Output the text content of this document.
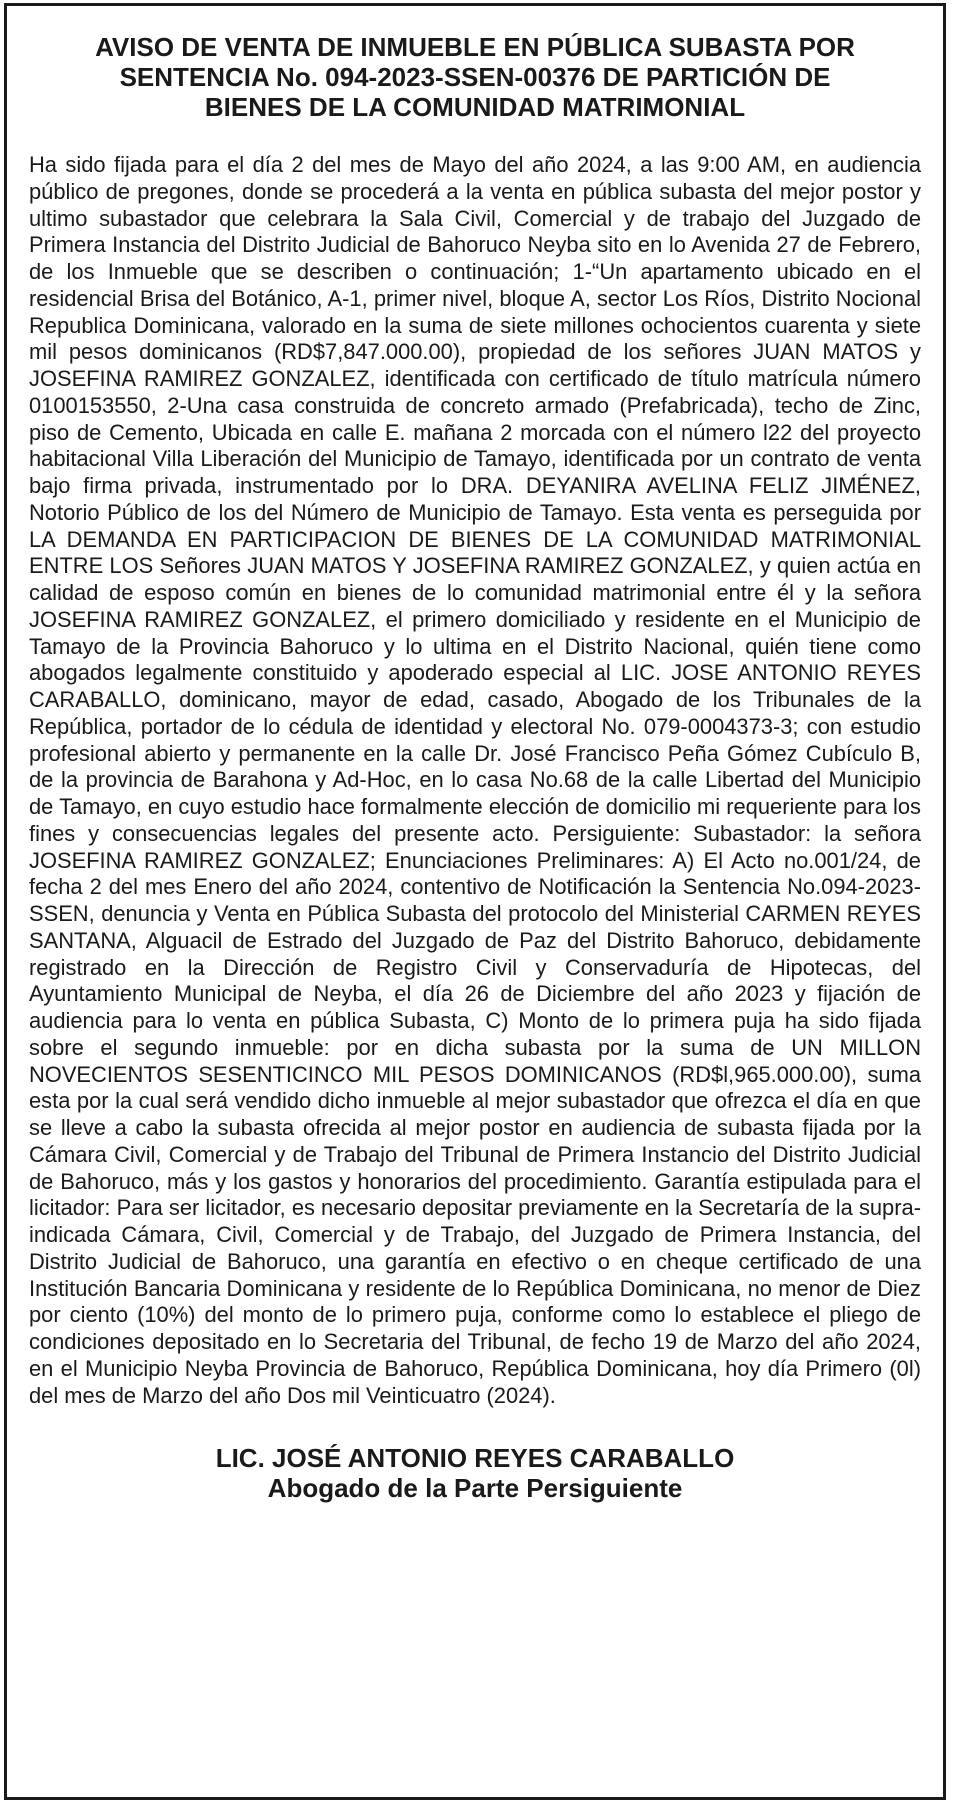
AVISO DE VENTA DE INMUEBLE EN PÚBLICA SUBASTA POR
SENTENCIA No. 094-2023-SSEN-00376 DE PARTICIÓN DE
BIENES DE LA COMUNIDAD MATRIMONIAL
Ha sido fijada para el día 2 del mes de Mayo del año 2024, a las 9:00 AM, en audiencia público de pregones, donde se procederá a la venta en pública subasta del mejor postor y ultimo subastador que celebrara la Sala Civil, Comercial y de trabajo del Juzgado de Primera Instancia del Distrito Judicial de Bahoruco Neyba sito en lo Avenida 27 de Febrero, de los Inmueble que se describen o continuación; 1-“Un apartamento ubicado en el residencial Brisa del Botánico, A-1, primer nivel, bloque A, sector Los Ríos, Distrito Nocional Republica Dominicana, valorado en la suma de siete millones ochocientos cuarenta y siete mil pesos dominicanos (RD$7,847.000.00), propiedad de los señores JUAN MATOS y JOSEFINA RAMIREZ GONZALEZ, identificada con certificado de título matrícula número 0100153550, 2-Una casa construida de concreto armado (Prefabricada), techo de Zinc, piso de Cemento, Ubicada en calle E. mañana 2 morcada con el número l22 del proyecto habitacional Villa Liberación del Municipio de Tamayo, identificada por un contrato de venta bajo firma privada, instrumentado por lo DRA. DEYANIRA AVELINA FELIZ JIMÉNEZ, Notorio Público de los del Número de Municipio de Tamayo. Esta venta es perseguida por LA DEMANDA EN PARTICIPACION DE BIENES DE LA COMUNIDAD MATRIMONIAL ENTRE LOS Señores JUAN MATOS Y JOSEFINA RAMIREZ GONZALEZ, y quien actúa en calidad de esposo común en bienes de lo comunidad matrimonial entre él y la señora JOSEFINA RAMIREZ GONZALEZ, el primero domiciliado y residente en el Municipio de Tamayo de la Provincia Bahoruco y lo ultima en el Distrito Nacional, quién tiene como abogados legalmente constituido y apoderado especial al LIC. JOSE ANTONIO REYES CARABALLO, dominicano, mayor de edad, casado, Abogado de los Tribunales de la República, portador de lo cédula de identidad y electoral No. 079-0004373-3; con estudio profesional abierto y permanente en la calle Dr. José Francisco Peña Gómez Cubículo B, de la provincia de Barahona y Ad-Hoc, en lo casa No.68 de la calle Libertad del Municipio de Tamayo, en cuyo estudio hace formalmente elección de domicilio mi requeriente para los fines y consecuencias legales del presente acto. Persiguiente: Subastador: la señora JOSEFINA RAMIREZ GONZALEZ; Enunciaciones Preliminares: A) El Acto no.001/24, de fecha 2 del mes Enero del año 2024, contentivo de Notificación la Sentencia No.094-2023-SSEN, denuncia y Venta en Pública Subasta del protocolo del Ministerial CARMEN REYES SANTANA, Alguacil de Estrado del Juzgado de Paz del Distrito Bahoruco, debidamente registrado en la Dirección de Registro Civil y Conservaduría de Hipotecas, del Ayuntamiento Municipal de Neyba, el día 26 de Diciembre del año 2023 y fijación de audiencia para lo venta en pública Subasta, C) Monto de lo primera puja ha sido fijada sobre el segundo inmueble: por en dicha subasta por la suma de UN MILLON NOVECIENTOS SESENTICINCO MIL PESOS DOMINICANOS (RD$l,965.000.00), suma esta por la cual será vendido dicho inmueble al mejor subastador que ofrezca el día en que se lleve a cabo la subasta ofrecida al mejor postor en audiencia de subasta fijada por la Cámara Civil, Comercial y de Trabajo del Tribunal de Primera Instancio del Distrito Judicial de Bahoruco, más y los gastos y honorarios del procedimiento. Garantía estipulada para el licitador: Para ser licitador, es necesario depositar previamente en la Secretaría de la supra-indicada Cámara, Civil, Comercial y de Trabajo, del Juzgado de Primera Instancia, del Distrito Judicial de Bahoruco, una garantía en efectivo o en cheque certificado de una Institución Bancaria Dominicana y residente de lo República Dominicana, no menor de Diez por ciento (10%) del monto de lo primero puja, conforme como lo establece el pliego de condiciones depositado en lo Secretaria del Tribunal, de fecho 19 de Marzo del año 2024, en el Municipio Neyba Provincia de Bahoruco, República Dominicana, hoy día Primero (0l) del mes de Marzo del año Dos mil Veinticuatro (2024).
LIC. JOSÉ ANTONIO REYES CARABALLO
Abogado de la Parte Persiguiente
